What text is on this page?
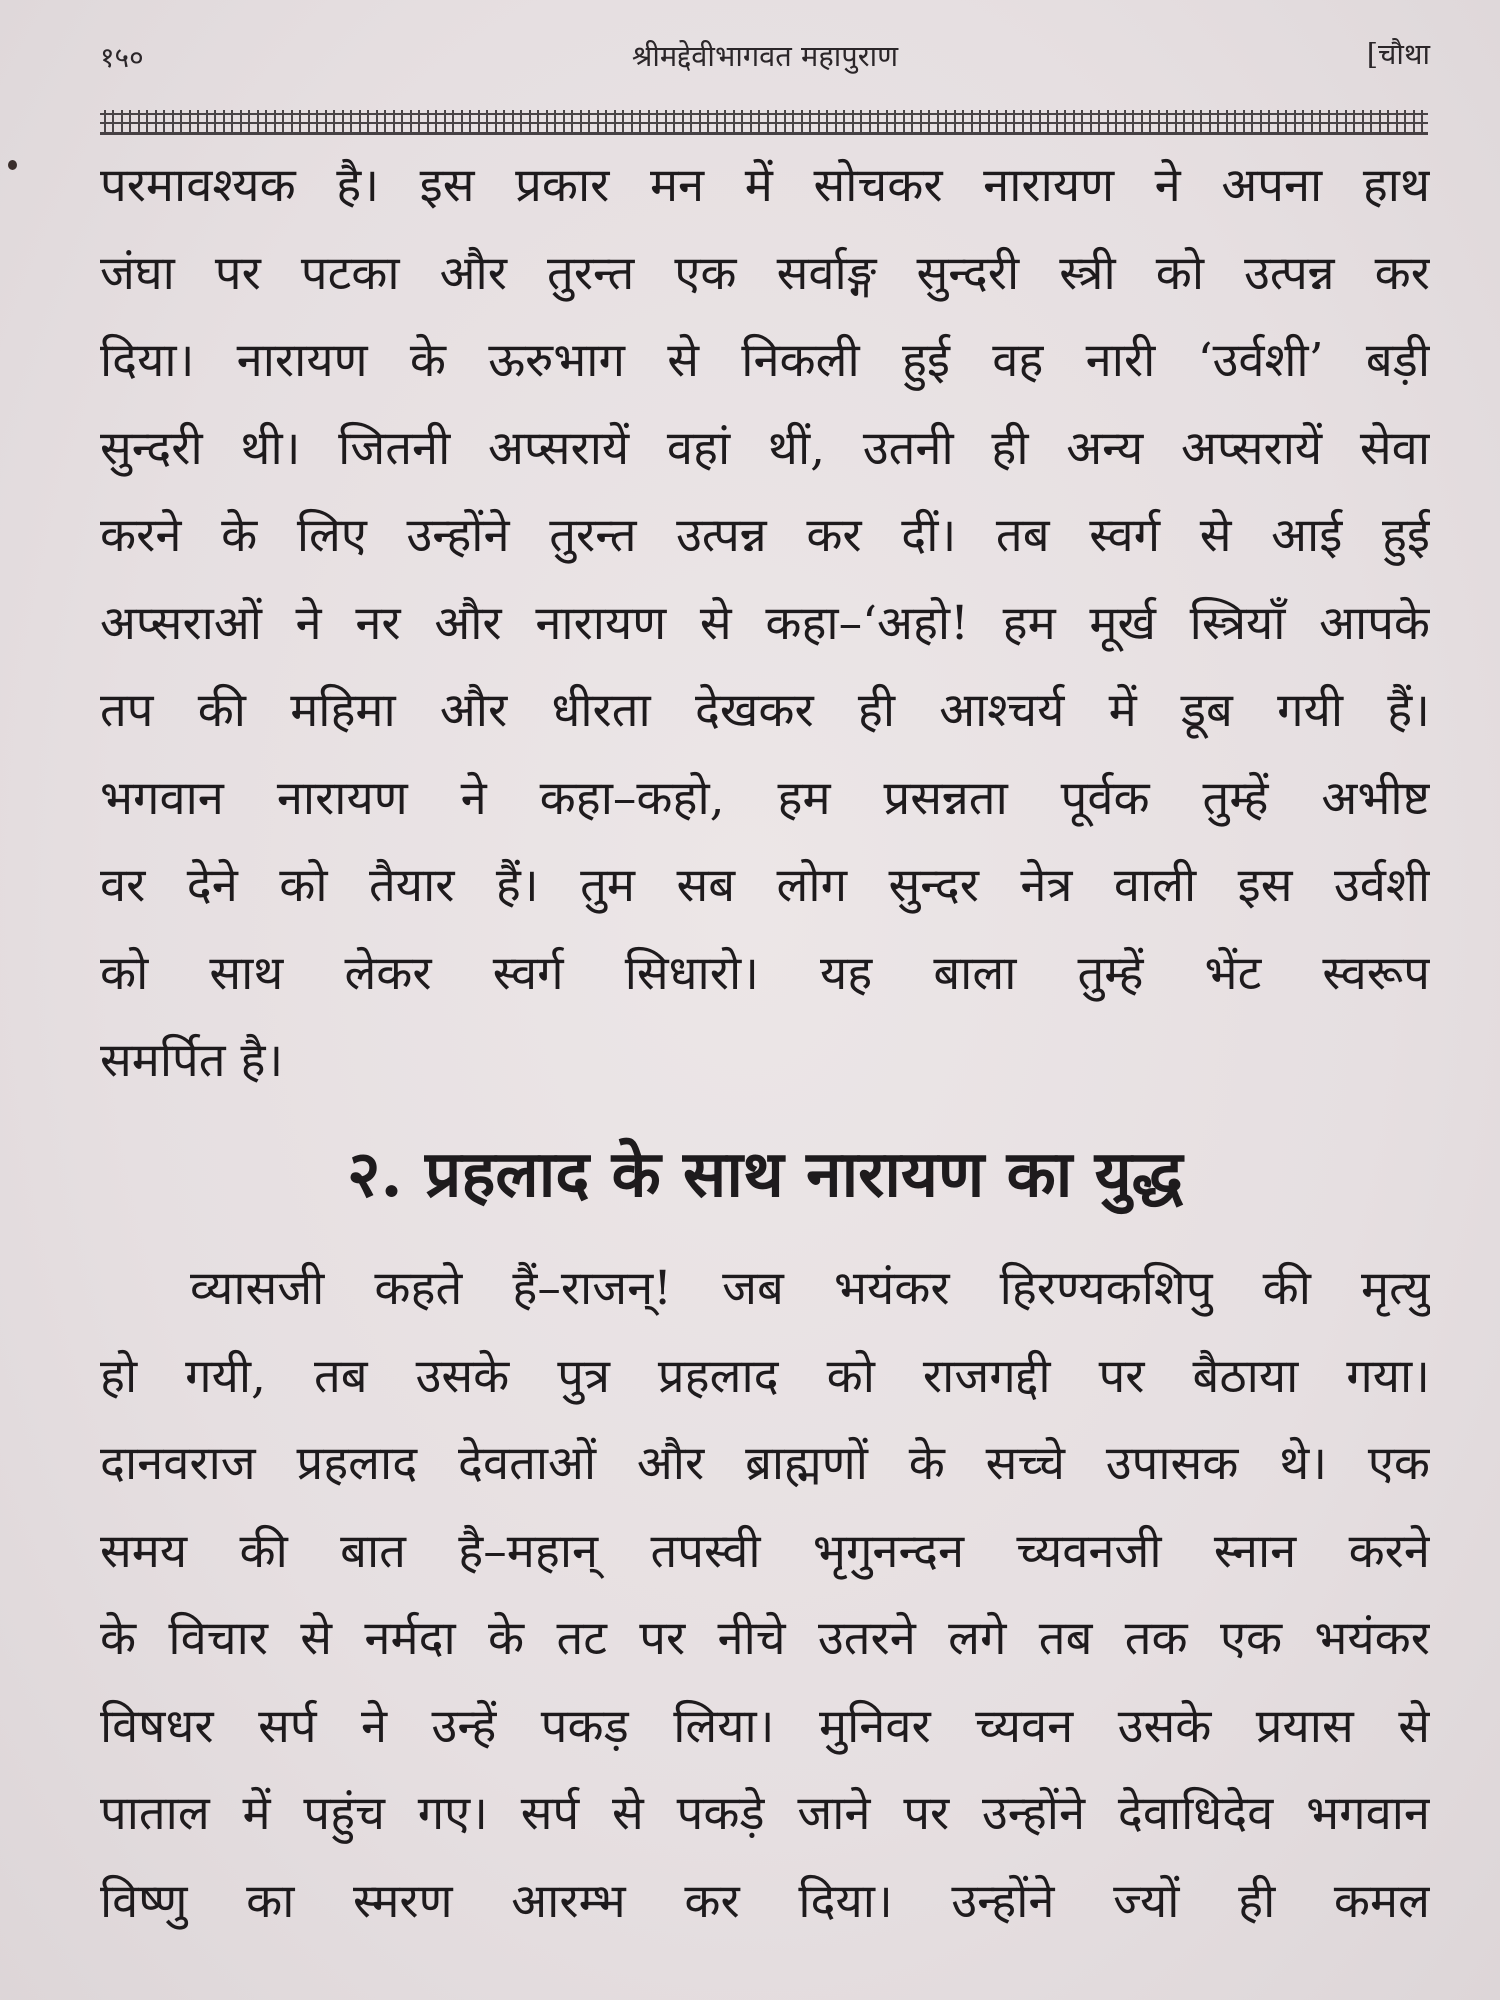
१५०	श्रीमद्देवीभागवत महापुराण	[चौथा
परमावश्यक है। इस प्रकार मन में सोचकर नारायण ने अपना हाथ
जंघा पर पटका और तुरन्त एक सर्वाङ्ग सुन्दरी स्त्री को उत्पन्न कर
दिया। नारायण के ऊरुभाग से निकली हुई वह नारी ‘उर्वशी’ बड़ी
सुन्दरी थी। जितनी अप्सरायें वहां थीं, उतनी ही अन्य अप्सरायें सेवा
करने के लिए उन्होंने तुरन्त उत्पन्न कर दीं। तब स्वर्ग से आई हुई
अप्सराओं ने नर और नारायण से कहा–‘अहो! हम मूर्ख स्त्रियाँ आपके
तप की महिमा और धीरता देखकर ही आश्चर्य में डूब गयी हैं।
भगवान नारायण ने कहा–कहो, हम प्रसन्नता पूर्वक तुम्हें अभीष्ट
वर देने को तैयार हैं। तुम सब लोग सुन्दर नेत्र वाली इस उर्वशी
को साथ लेकर स्वर्ग सिधारो। यह बाला तुम्हें भेंट स्वरूप
समर्पित है।
२. प्रहलाद के साथ नारायण का युद्ध
व्यासजी कहते हैं–राजन्! जब भयंकर हिरण्यकशिपु की मृत्यु
हो गयी, तब उसके पुत्र प्रहलाद को राजगद्दी पर बैठाया गया।
दानवराज प्रहलाद देवताओं और ब्राह्मणों के सच्चे उपासक थे। एक
समय की बात है–महान् तपस्वी भृगुनन्दन च्यवनजी स्नान करने
के विचार से नर्मदा के तट पर नीचे उतरने लगे तब तक एक भयंकर
विषधर सर्प ने उन्हें पकड़ लिया। मुनिवर च्यवन उसके प्रयास से
पाताल में पहुंच गए। सर्प से पकड़े जाने पर उन्होंने देवाधिदेव भगवान
विष्णु का स्मरण आरम्भ कर दिया। उन्होंने ज्यों ही कमल
